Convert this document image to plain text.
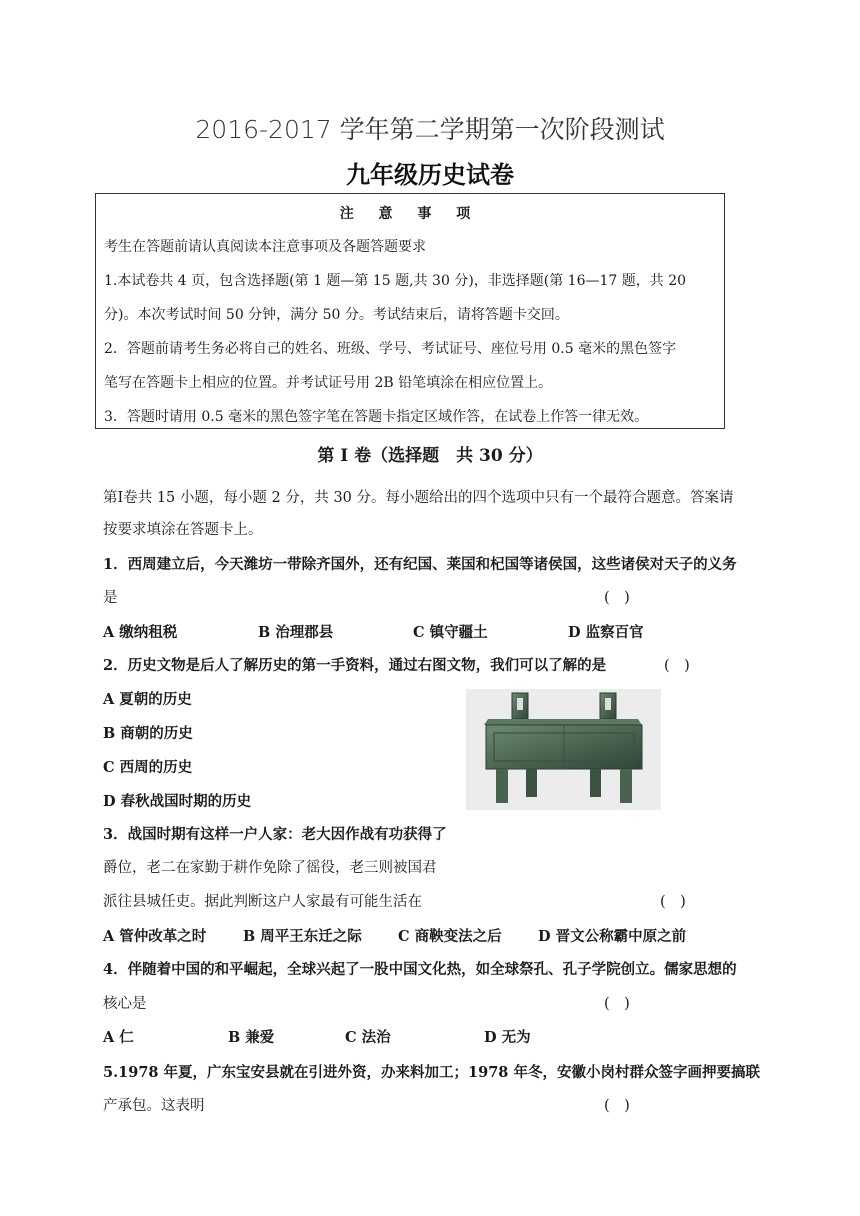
2016-2017 学年第二学期第一次阶段测试
九年级历史试卷
注 意 事 项
考生在答题前请认真阅读本注意事项及各题答题要求
1.本试卷共 4 页，包含选择题(第 1 题—第 15 题,共 30 分)，非选择题(第 16—17 题，共 20
分)。本次考试时间 50 分钟，满分 50 分。考试结束后，请将答题卡交回。
2．答题前请考生务必将自己的姓名、班级、学号、考试证号、座位号用 0.5 毫米的黑色签字
笔写在答题卡上相应的位置。并考试证号用 2B 铅笔填涂在相应位置上。
3．答题时请用 0.5 毫米的黑色签字笔在答题卡指定区域作答，在试卷上作答一律无效。
第 Ⅰ 卷（选择题　共 30 分）
第Ⅰ卷共 15 小题，每小题 2 分，共 30 分。每小题给出的四个选项中只有一个最符合题意。答案请
按要求填涂在答题卡上。
1．西周建立后，今天潍坊一带除齐国外，还有纪国、莱国和杞国等诸侯国，这些诸侯对天子的义务
是	(　)
A 缴纳租税	B 治理郡县	C 镇守疆土	D 监察百官
2．历史文物是后人了解历史的第一手资料，通过右图文物，我们可以了解的是	(　)
A 夏朝的历史
B 商朝的历史
C 西周的历史
D 春秋战国时期的历史
3．战国时期有这样一户人家：老大因作战有功获得了
爵位，老二在家勤于耕作免除了徭役，老三则被国君
派往县城任吏。据此判断这户人家最有可能生活在	(　)
A 管仲改革之时	B 周平王东迁之际 C 商鞅变法之后	D 晋文公称霸中原之前
4．伴随着中国的和平崛起，全球兴起了一股中国文化热，如全球祭孔、孔子学院创立。儒家思想的
核心是	(　)
A 仁	B 兼爱	C 法治	D 无为
5.1978 年夏，广东宝安县就在引进外资，办来料加工；1978 年冬，安徽小岗村群众签字画押要搞联
产承包。这表明	(　)
